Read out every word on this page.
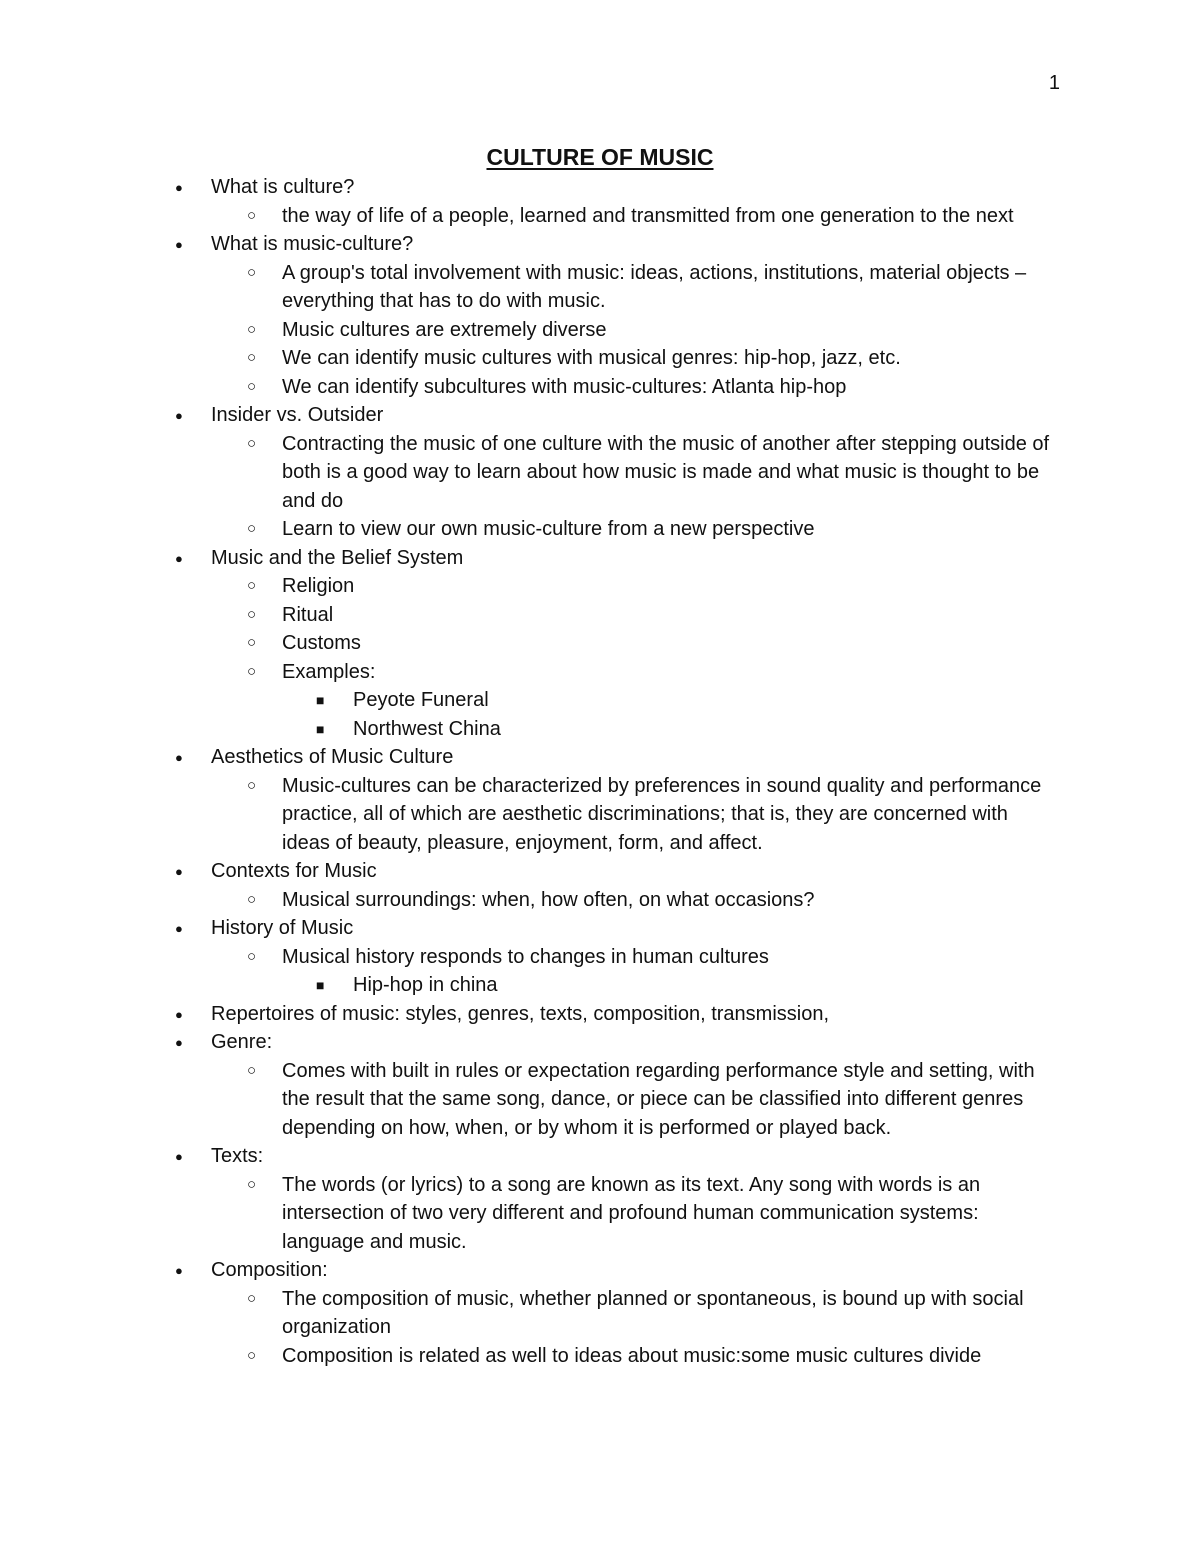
1
CULTURE OF MUSIC
● What is culture?
○ the way of life of a people, learned and transmitted from one generation to the next
● What is music-culture?
○ A group's total involvement with music: ideas, actions, institutions, material objects – everything that has to do with music.
○ Music cultures are extremely diverse
○ We can identify music cultures with musical genres: hip-hop, jazz, etc.
○ We can identify subcultures with music-cultures: Atlanta hip-hop
● Insider vs. Outsider
○ Contracting the music of one culture with the music of another after stepping outside of both is a good way to learn about how music is made and what music is thought to be and do
○ Learn to view our own music-culture from a new perspective
● Music and the Belief System
○ Religion
○ Ritual
○ Customs
○ Examples:
■ Peyote Funeral
■ Northwest China
● Aesthetics of Music Culture
○ Music-cultures can be characterized by preferences in sound quality and performance practice, all of which are aesthetic discriminations; that is, they are concerned with ideas of beauty, pleasure, enjoyment, form, and affect.
● Contexts for Music
○ Musical surroundings: when, how often, on what occasions?
● History of Music
○ Musical history responds to changes in human cultures
■ Hip-hop in china
● Repertoires of music: styles, genres, texts, composition, transmission,
● Genre:
○ Comes with built in rules or expectation regarding performance style and setting, with the result that the same song, dance, or piece can be classified into different genres depending on how, when, or by whom it is performed or played back.
● Texts:
○ The words (or lyrics) to a song are known as its text. Any song with words is an intersection of two very different and profound human communication systems: language and music.
● Composition:
○ The composition of music, whether planned or spontaneous, is bound up with social organization
○ Composition is related as well to ideas about music:some music cultures divide
